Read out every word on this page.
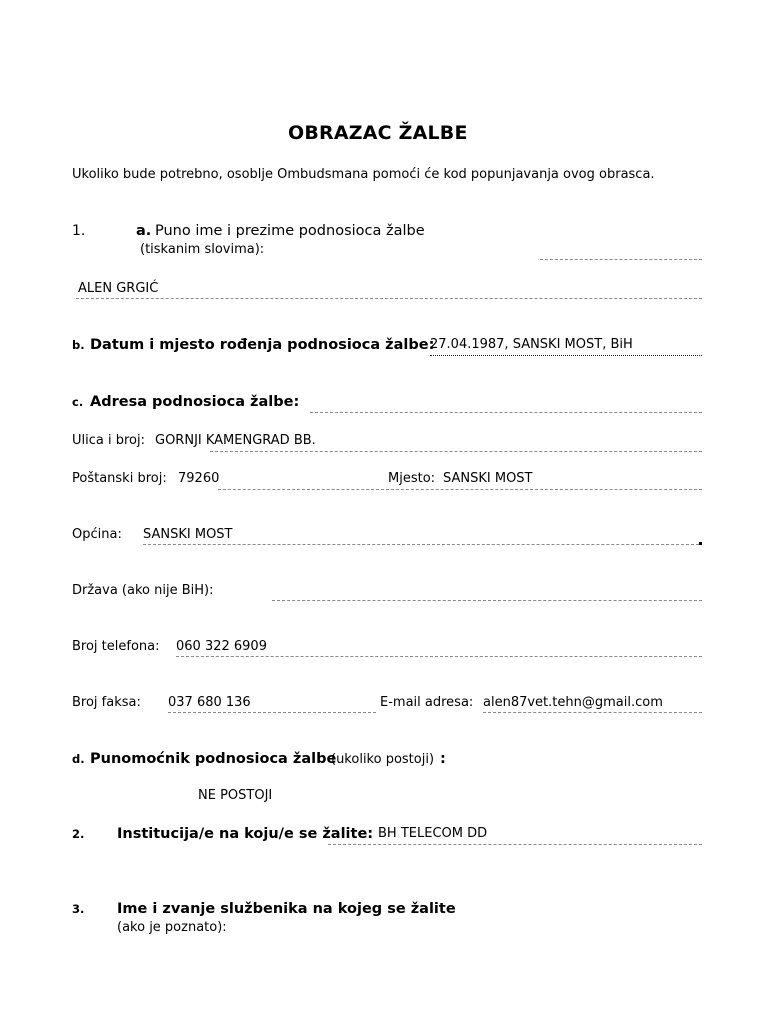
OBRAZAC ŽALBE
Ukoliko bude potrebno, osoblje Ombudsmana pomoći će kod popunjavanja ovog obrasca.
1.	a. Puno ime i prezime podnosioca žalbe
(tiskanim slovima):
ALEN GRGIĆ
b. Datum i mjesto rođenja podnosioca žalbe:
27.04.1987, SANSKI MOST, BiH
c. Adresa podnosioca žalbe:
Ulica i broj: GORNJI KAMENGRAD BB.
Poštanski broj: 79260	Mjesto: SANSKI MOST
Općina: SANSKI MOST
Država (ako nije BiH):
Broj telefona: 060 322 6909
Broj faksa: 037 680 136	E-mail adresa: alen87vet.tehn@gmail.com
d. Punomoćnik podnosioca žalbe
(ukoliko postoji) :
NE POSTOJI
2. Institucija/e na koju/e se žalite: BH TELECOM DD
3. Ime i zvanje službenika na kojeg se žalite
(ako je poznato):
